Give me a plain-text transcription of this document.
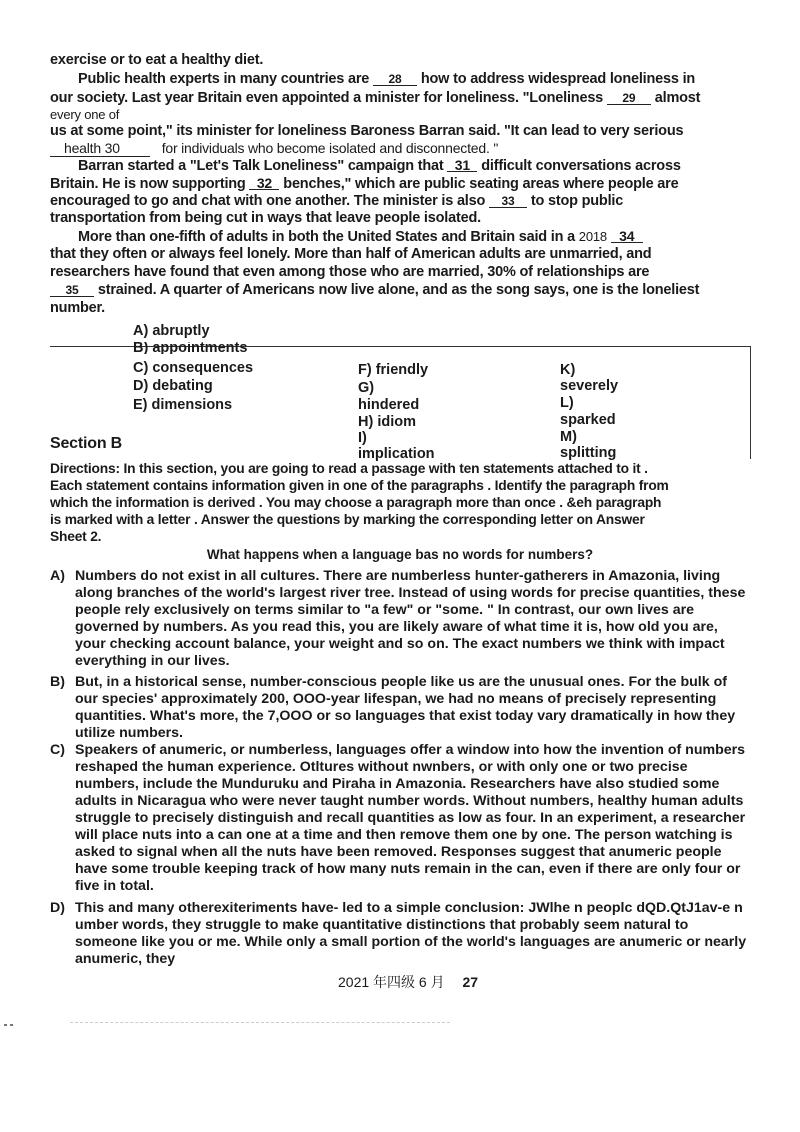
exercise or to eat a healthy diet.
Public health experts in many countries are 28 how to address widespread loneliness in
our society. Last year Britain even appointed a minister for loneliness. "Loneliness 29 almost
every one of
us at some point," its minister for loneliness Baroness Barran said. "It can lead to very serious
health 30	for individuals who become isolated and disconnected. "
Barran started a "Let's Talk Loneliness" campaign that 31 difficult conversations across
Britain. He is now supporting 32 benches," which are public seating areas where people are
encouraged to go and chat with one another. The minister is also 33 to stop public
transportation from being cut in ways that leave people isolated.
More than one-fifth of adults in both the United States and Britain said in a 2018 34
that they often or always feel lonely. More than half of American adults are unmarried, and
researchers have found that even among those who are married, 30% of relationships are
35 strained. A quarter of Americans now live alone, and as the song says, one is the loneliest
number.
A) abruptly
B) appointments
C) consequences
D) debating
E) dimensions
F) friendly
G)
hindered
H) idiom
I)
implication
K)
severely
L)
sparked
M)
splitting
Section B
Directions: In this section, you are going to read a passage with ten statements attached to it .
Each statement contains information given in one of the paragraphs . Identify the paragraph from
which the information is derived . You may choose a paragraph more than once . &eh paragraph
is marked with a letter . Answer the questions by marking the corresponding letter on Answer
Sheet 2.
What happens when a language bas no words for numbers?
A) Numbers do not exist in all cultures. There are numberless hunter-gatherers in Amazonia, living along branches of the world's largest river tree. Instead of using words for precise quantities, these people rely exclusively on terms similar to "a few" or "some. " In contrast, our own lives are governed by numbers. As you read this, you are likely aware of what time it is, how old you are, your checking account balance, your weight and so on. The exact numbers we think with impact everything in our lives.
B) But, in a historical sense, number-conscious people like us are the unusual ones. For the bulk of our species' approximately 200, OOO-year lifespan, we had no means of precisely representing quantities. What's more, the 7,OOO or so languages that exist today vary dramatically in how they utilize numbers.
C) Speakers of anumeric, or numberless, languages offer a window into how the invention of numbers reshaped the human experience. Otltures without nwnbers, or with only one or two precise numbers, include the Munduruku and Piraha in Amazonia. Researchers have also studied some adults in Nicaragua who were never taught number words. Without numbers, healthy human adults struggle to precisely distinguish and recall quantities as low as four. In an experiment, a researcher will place nuts into a can one at a time and then remove them one by one. The person watching is asked to signal when all the nuts have been removed. Responses suggest that anumeric people have some trouble keeping track of how many nuts remain in the can, even if there are only four or five in total.
D) This and many otherexiteriments have- led to a simple conclusion: JWlhe n peoplc dQD.QtJ1av-e n umber words, they struggle to make quantitative distinctions that probably seem natural to someone like you or me. While only a small portion of the world's languages are anumeric or nearly anumeric, they
2021 年四级 6 月 27
